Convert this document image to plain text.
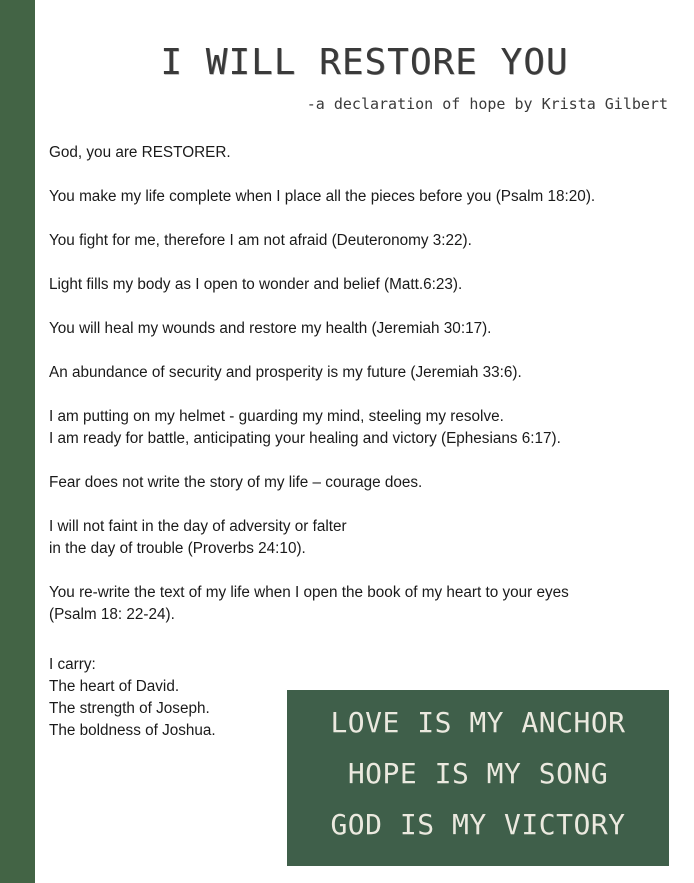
I WILL RESTORE YOU
-a declaration of hope by Krista Gilbert

God, you are RESTORER.

You make my life complete when I place all the pieces before you (Psalm 18:20).

You fight for me, therefore I am not afraid (Deuteronomy 3:22).

Light fills my body as I open to wonder and belief (Matt.6:23).

You will heal my wounds and restore my health (Jeremiah 30:17).

An abundance of security and prosperity is my future (Jeremiah 33:6).

I am putting on my helmet - guarding my mind, steeling my resolve.
I am ready for battle, anticipating your healing and victory (Ephesians 6:17).

Fear does not write the story of my life – courage does.

I will not faint in the day of adversity or falter
in the day of trouble (Proverbs 24:10).

You re-write the text of my life when I open the book of my heart to your eyes
(Psalm 18: 22-24).

I carry:
The heart of David.
The strength of Joseph.
The boldness of Joshua.	LOVE IS MY ANCHOR
HOPE IS MY SONG
GOD IS MY VICTORY
